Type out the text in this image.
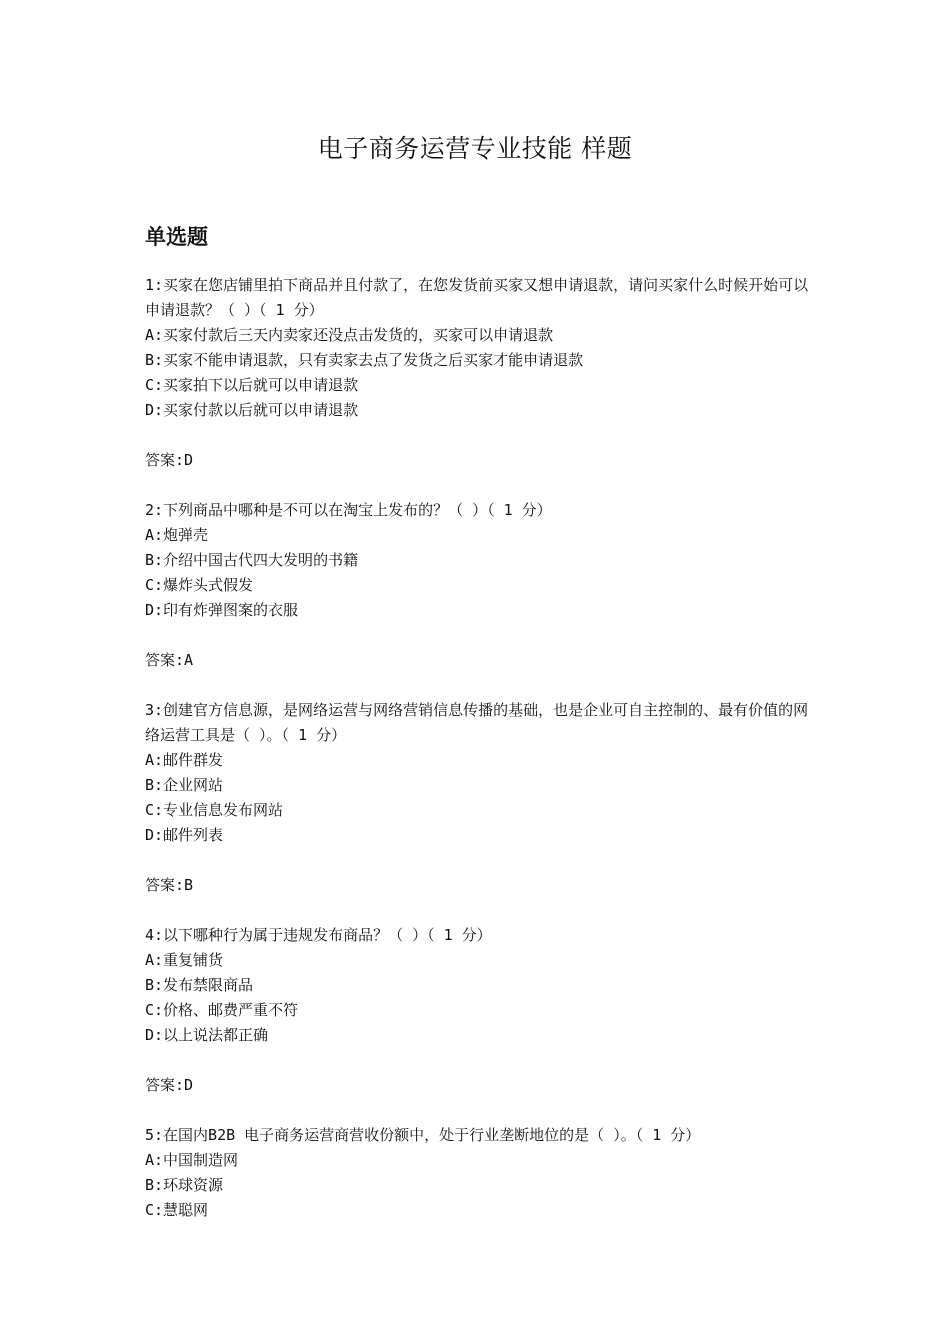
电子商务运营专业技能 样题
单选题
1:买家在您店铺里拍下商品并且付款了，在您发货前买家又想申请退款，请问买家什么时候开始可以申请退款？（ ）（ 1 分）
A:买家付款后三天内卖家还没点击发货的，买家可以申请退款
B:买家不能申请退款，只有卖家去点了发货之后买家才能申请退款
C:买家拍下以后就可以申请退款
D:买家付款以后就可以申请退款
答案:D
2:下列商品中哪种是不可以在淘宝上发布的？（ ）（ 1 分）
A:炮弹壳
B:介绍中国古代四大发明的书籍
C:爆炸头式假发
D:印有炸弹图案的衣服
答案:A
3:创建官方信息源，是网络运营与网络营销信息传播的基础，也是企业可自主控制的、最有价值的网络运营工具是（ ）。（ 1 分）
A:邮件群发
B:企业网站
C:专业信息发布网站
D:邮件列表
答案:B
4:以下哪种行为属于违规发布商品？（ ）（ 1 分）
A:重复铺货
B:发布禁限商品
C:价格、邮费严重不符
D:以上说法都正确
答案:D
5:在国内B2B 电子商务运营商营收份额中，处于行业垄断地位的是（ ）。（ 1 分）
A:中国制造网
B:环球资源
C:慧聪网
